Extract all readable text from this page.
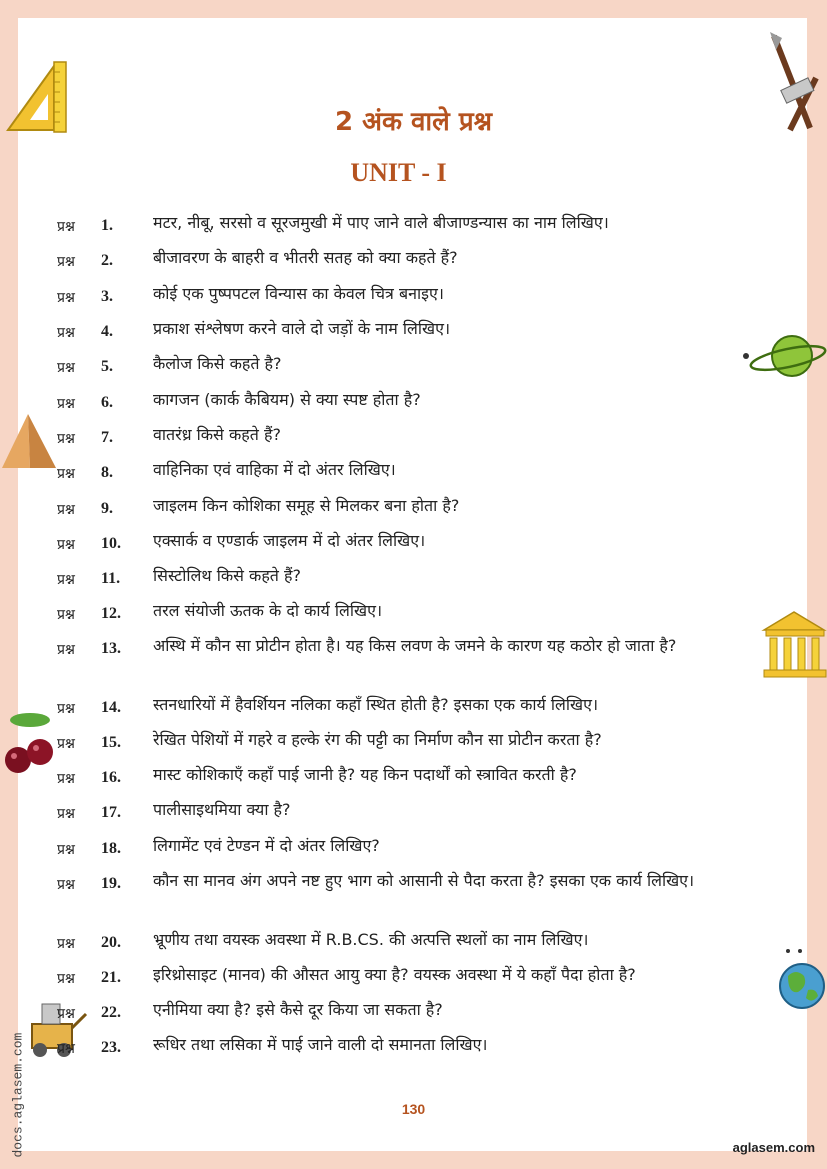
2 अंक वाले प्रश्न
UNIT - I
प्रश्न 1.	मटर, नीबू, सरसो व सूरजमुखी में पाए जाने वाले बीजाण्डन्यास का नाम लिखिए।
प्रश्न 2.	बीजावरण के बाहरी व भीतरी सतह को क्या कहते हैं?
प्रश्न 3.	कोई एक पुष्पपटल विन्यास का केवल चित्र बनाइए।
प्रश्न 4.	प्रकाश संश्लेषण करने वाले दो जड़ों के नाम लिखिए।
प्रश्न 5.	कैलोज किसे कहते है?
प्रश्न 6.	कागजन (कार्क कैबियम) से क्या स्पष्ट होता है?
प्रश्न 7.	वातरंध्र किसे कहते हैं?
प्रश्न 8.	वाहिनिका एवं वाहिका में दो अंतर लिखिए।
प्रश्न 9.	जाइलम किन कोशिका समूह से मिलकर बना होता है?
प्रश्न 10. एक्सार्क व एण्डार्क जाइलम में दो अंतर लिखिए।
प्रश्न 11. सिस्टोलिथ किसे कहते हैं?
प्रश्न 12. तरल संयोजी ऊतक के दो कार्य लिखिए।
प्रश्न 13. अस्थि में कौन सा प्रोटीन होता है। यह किस लवण के जमने के कारण यह कठोर हो जाता है?
प्रश्न 14. स्तनधारियों में हैवर्शियन नलिका कहाँ स्थित होती है? इसका एक कार्य लिखिए।
प्रश्न 15. रेखित पेशियों में गहरे व हल्के रंग की पट्टी का निर्माण कौन सा प्रोटीन करता है?
प्रश्न 16. मास्ट कोशिकाएँ कहाँ पाई जानी है? यह किन पदार्थों को स्त्रावित करती है?
प्रश्न 17. पालीसाइथमिया क्या है?
प्रश्न 18. लिगामेंट एवं टेण्डन में दो अंतर लिखिए?
प्रश्न 19. कौन सा मानव अंग अपने नष्ट हुए भाग को आसानी से पैदा करता है? इसका एक कार्य लिखिए।
प्रश्न 20. भ्रूणीय तथा वयस्क अवस्था में R.B.CS. की अत्पत्ति स्थलों का नाम लिखिए।
प्रश्न 21. इरिथ्रोसाइट (मानव) की औसत आयु क्या है? वयस्क अवस्था में ये कहाँ पैदा होता है?
प्रश्न 22. एनीमिया क्या है? इसे कैसे दूर किया जा सकता है?
प्रश्न 23. रूधिर तथा लसिका में पाई जाने वाली दो समानता लिखिए।
130
aglasem.com
docs.aglasem.com
